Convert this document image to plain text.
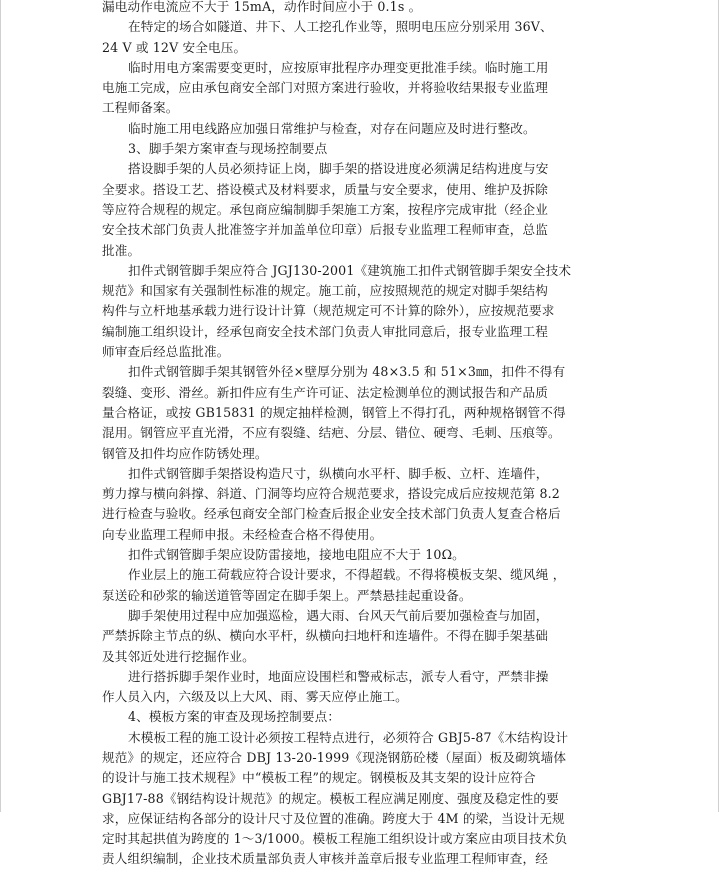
漏电动作电流应不大于 15mA，动作时间应小于 0.1s 。
在特定的场合如隧道、井下、人工挖孔作业等，照明电压应分别采用 36V、
24 V 或 12V 安全电压。
临时用电方案需要变更时，应按原审批程序办理变更批准手续。临时施工用
电施工完成，应由承包商安全部门对照方案进行验收，并将验收结果报专业监理
工程师备案。
临时施工用电线路应加强日常维护与检查，对存在问题应及时进行整改。
3、脚手架方案审查与现场控制要点
搭设脚手架的人员必须持证上岗，脚手架的搭设进度必须满足结构进度与安
全要求。搭设工艺、搭设模式及材料要求，质量与安全要求，使用、维护及拆除
等应符合规程的规定。承包商应编制脚手架施工方案，按程序完成审批（经企业
安全技术部门负责人批准签字并加盖单位印章）后报专业监理工程师审查，总监
批准。
扣件式钢管脚手架应符合 JGJ130-2001《建筑施工扣件式钢管脚手架安全技术
规范》和国家有关强制性标准的规定。施工前，应按照规范的规定对脚手架结构
构件与立杆地基承载力进行设计计算（规范规定可不计算的除外），应按规范要求
编制施工组织设计，经承包商安全技术部门负责人审批同意后，报专业监理工程
师审查后经总监批准。
扣件式钢管脚手架其钢管外径×壁厚分别为 48×3.5 和 51×3㎜，扣件不得有
裂缝、变形、滑丝。新扣件应有生产许可证、法定检测单位的测试报告和产品质
量合格证，或按 GB15831 的规定抽样检测，钢管上不得打孔，两种规格钢管不得
混用。钢管应平直光滑，不应有裂缝、结疤、分层、错位、硬弯、毛刺、压痕等。
钢管及扣件均应作防锈处理。
扣件式钢管脚手架搭设构造尺寸，纵横向水平杆、脚手板、立杆、连墙件，
剪力撑与横向斜撑、斜道、门洞等均应符合规范要求，搭设完成后应按规范第 8.2
进行检查与验收。经承包商安全部门检查后报企业安全技术部门负责人复查合格后
向专业监理工程师申报。未经检查合格不得使用。
扣件式钢管脚手架应设防雷接地，接地电阻应不大于 10Ω。
作业层上的施工荷载应符合设计要求，不得超载。不得将模板支架、缆风绳 ，
泵送砼和砂浆的输送道管等固定在脚手架上。严禁悬挂起重设备。
脚手架使用过程中应加强巡检，遇大雨、台风天气前后要加强检查与加固，
严禁拆除主节点的纵、横向水平杆，纵横向扫地杆和连墙件。不得在脚手架基础
及其邻近处进行挖掘作业。
进行搭拆脚手架作业时，地面应设围栏和警戒标志，派专人看守，严禁非操
作人员入内，六级及以上大风、雨、雾天应停止施工。
4、模板方案的审查及现场控制要点：
木模板工程的施工设计必须按工程特点进行，必须符合 GBJ5-87《木结构设计
规范》的规定，还应符合 DBJ 13-20-1999《现浇钢筋砼楼（屋面）板及砌筑墙体
的设计与施工技术规程》中“模板工程”的规定。钢模板及其支架的设计应符合
GBJ17-88《钢结构设计规范》的规定。模板工程应满足刚度、强度及稳定性的要
求，应保证结构各部分的设计尺寸及位置的准确。跨度大于 4M 的梁，当设计无规
定时其起拱值为跨度的 1～3/1000。模板工程施工组织设计或方案应由项目技术负
责人组织编制，企业技术质量部负责人审核并盖章后报专业监理工程师审查，经
